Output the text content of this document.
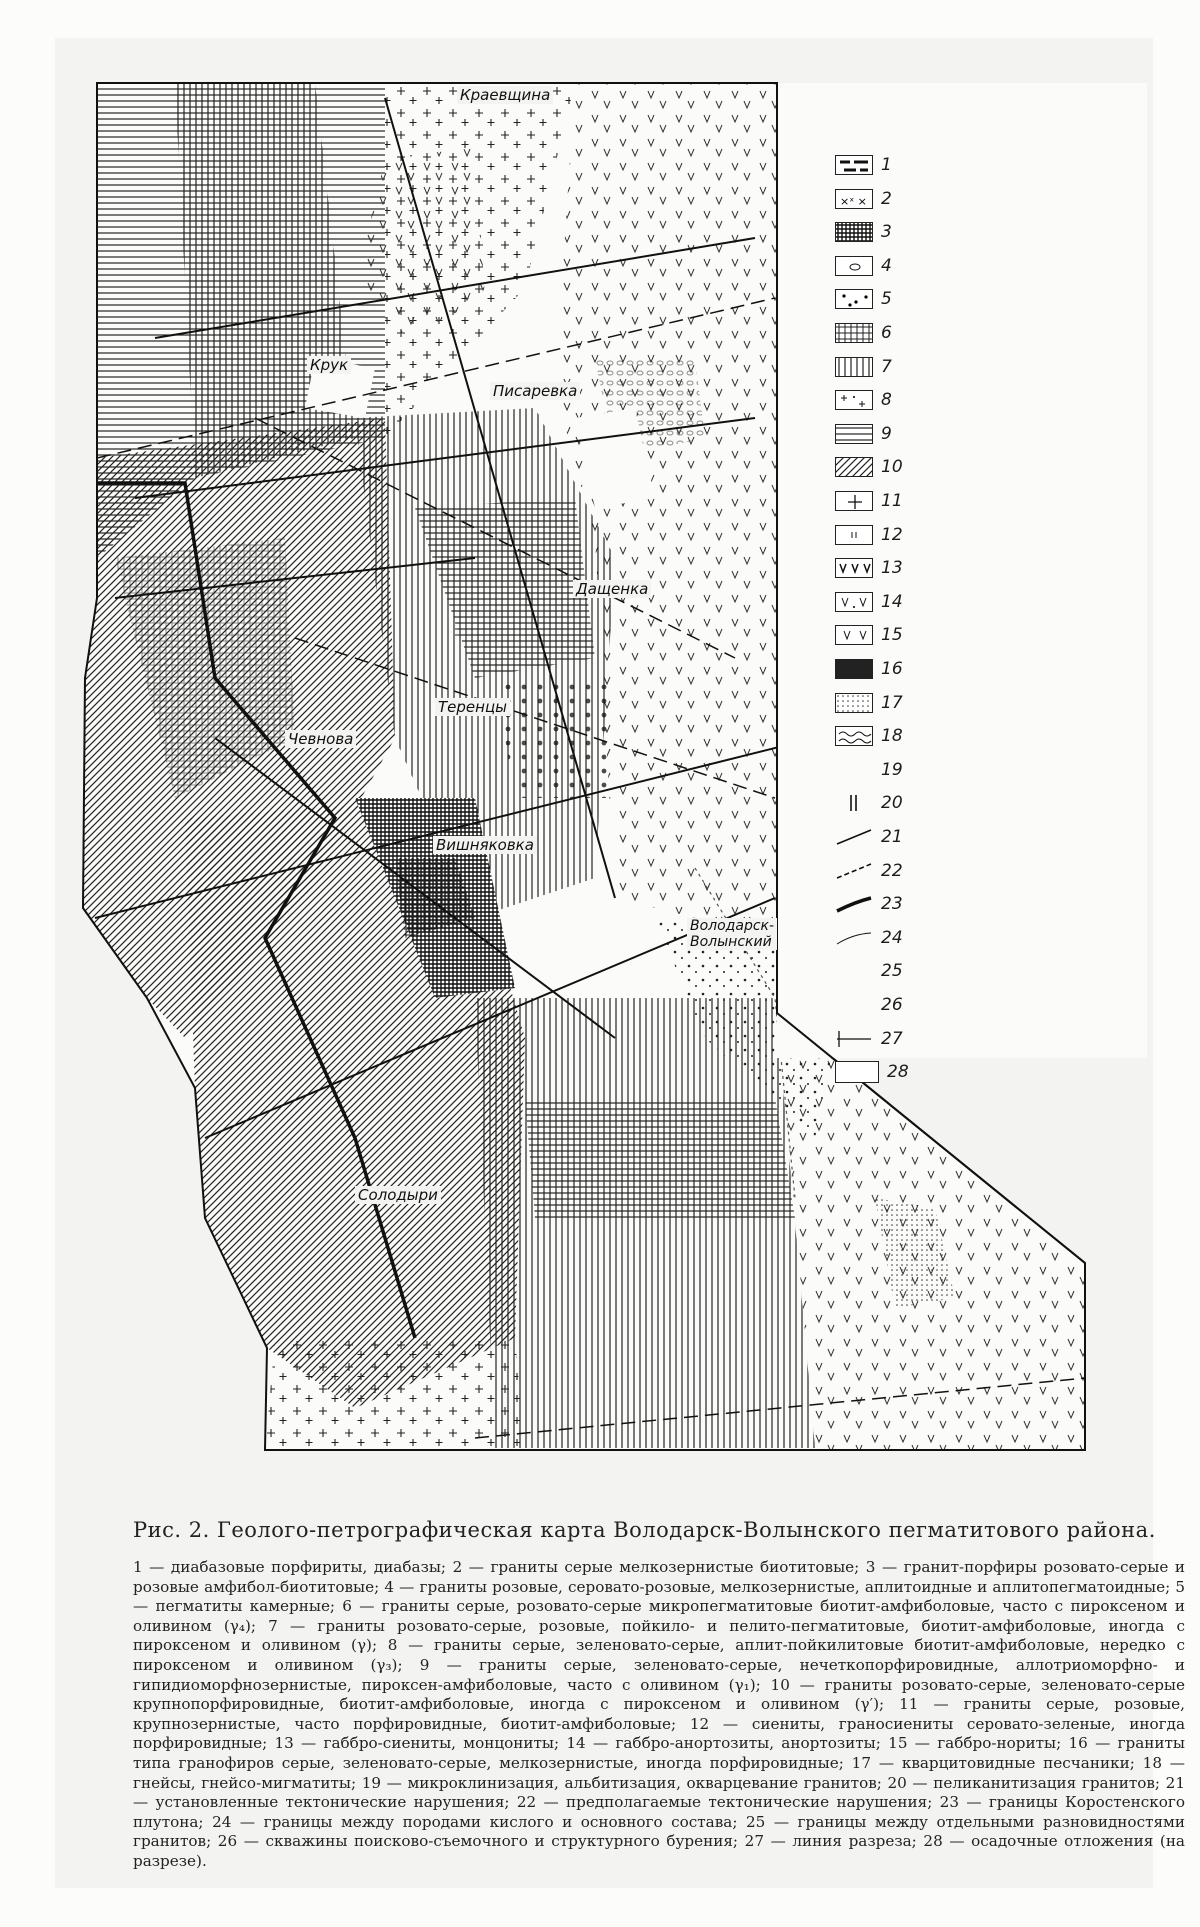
Краевщина
Крук
Писаревка
Дащенка
Теренцы
Чевнова
Вишняковка
Володарск-
Волынский
Солодыри
1
×ˣ × 2
3
4
5
6
7
8
9
10
11
12
13
14
15
16
17
18
19
20
21
22
23
24
25
26
27
28
Рис. 2. Геолого-петрографическая карта Володарск-Волынского пегматитового района.
1 — диабазовые порфириты, диабазы; 2 — граниты серые мелкозернистые биотитовые; 3 — гранит-порфиры розовато-серые и розовые амфибол-биотитовые; 4 — граниты розовые, серовато-розовые, мелкозернистые, аплитоидные и аплитопегматоидные; 5 — пегматиты камерные; 6 — граниты серые, розовато-серые микропегматитовые биотит-амфиболовые, часто с пироксеном и оливином (γ₄); 7 — граниты розовато-серые, розовые, пойкило- и пелито-пегматитовые, биотит-амфиболовые, иногда с пироксеном и оливином (γ); 8 — граниты серые, зеленовато-серые, аплит-пойкилитовые биотит-амфиболовые, нередко с пироксеном и оливином (γ₃); 9 — граниты серые, зеленовато-серые, нечеткопорфировидные, аллотриоморфно- и гипидиоморфнозернистые, пироксен-амфиболовые, часто с оливином (γ₁); 10 — граниты розовато-серые, зеленовато-серые крупнопорфировидные, биотит-амфиболовые, иногда с пироксеном и оливином (γ′); 11 — граниты серые, розовые, крупнозернистые, часто порфировидные, биотит-амфиболовые; 12 — сиениты, граносиениты серовато-зеленые, иногда порфировидные; 13 — габбро-сиениты, монцониты; 14 — габбро-анортозиты, анортозиты; 15 — габбро-нориты; 16 — граниты типа гранофиров серые, зеленовато-серые, мелкозернистые, иногда порфировидные; 17 — кварцитовидные песчаники; 18 — гнейсы, гнейсо-мигматиты; 19 — микроклинизация, альбитизация, окварцевание гранитов; 20 — пеликанитизация гранитов; 21 — установленные тектонические нарушения; 22 — предполагаемые тектонические нарушения; 23 — границы Коростенского плутона; 24 — границы между породами кислого и основного состава; 25 — границы между отдельными разновидностями гранитов; 26 — скважины поисково-съемочного и структурного бурения; 27 — линия разреза; 28 — осадочные отложения (на разрезе).
